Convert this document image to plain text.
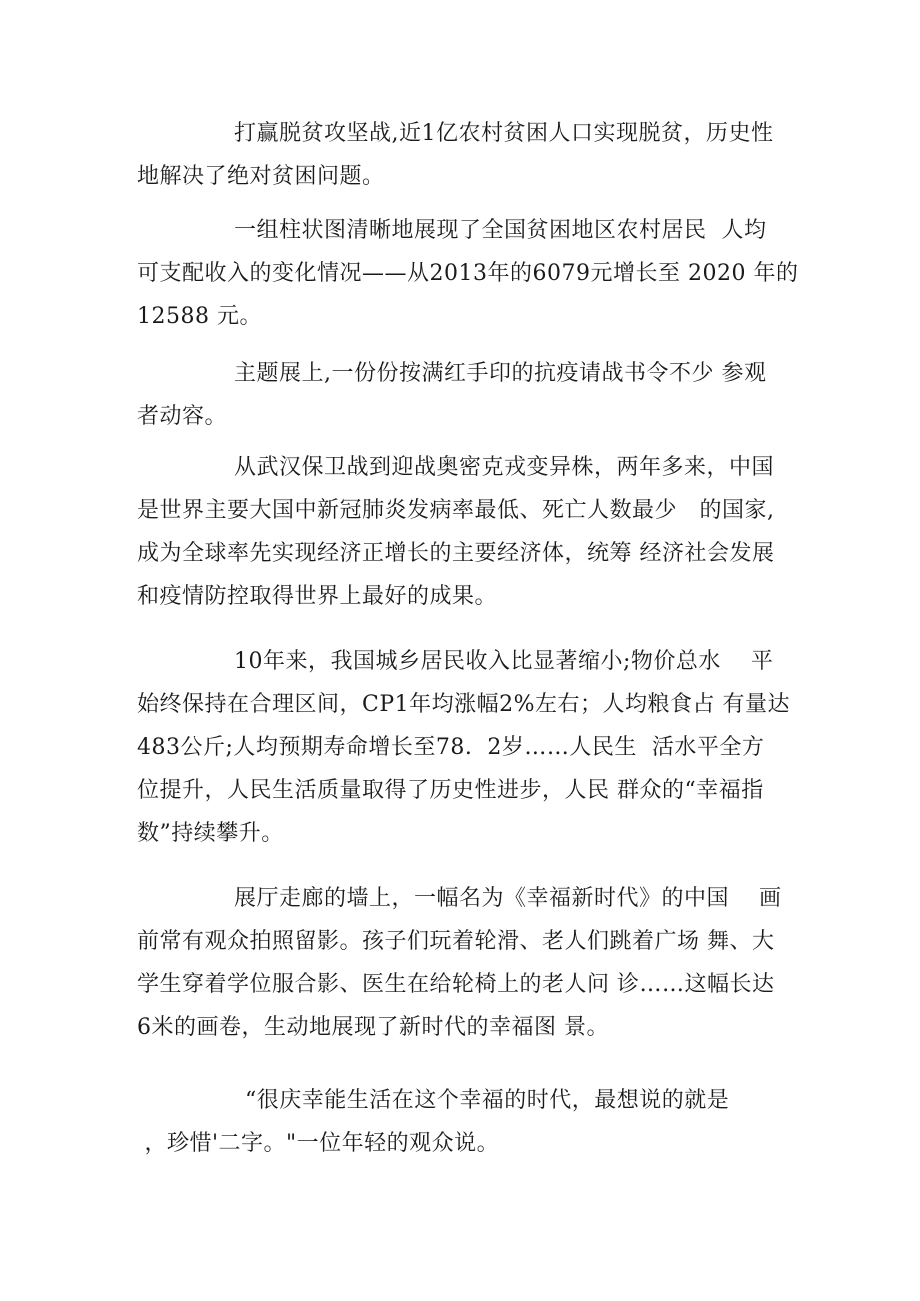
打赢脱贫攻坚战,近1亿农村贫困人口实现脱贫，历史性
地解决了绝对贫困问题。
一组柱状图清晰地展现了全国贫困地区农村居民  人均
可支配收入的变化情况——从2013年的6079元增长至 2020 年的
12588 元。
主题展上,一份份按满红手印的抗疫请战书令不少 参观
者动容。
从武汉保卫战到迎战奥密克戎变异株，两年多来，中国
是世界主要大国中新冠肺炎发病率最低、死亡人数最少   的国家,
成为全球率先实现经济正增长的主要经济体，统筹 经济社会发展
和疫情防控取得世界上最好的成果。
10年来，我国城乡居民收入比显著缩小;物价总水    平
始终保持在合理区间，CP1年均涨幅2%左右；人均粮食占 有量达
483公斤;人均预期寿命增长至78.  2岁……人民生  活水平全方
位提升，人民生活质量取得了历史性进步，人民 群众的“幸福指
数”持续攀升。
展厅走廊的墙上，一幅名为《幸福新时代》的中国    画
前常有观众拍照留影。孩子们玩着轮滑、老人们跳着广场 舞、大
学生穿着学位服合影、医生在给轮椅上的老人问 诊……这幅长达
6米的画卷，生动地展现了新时代的幸福图 景。
“很庆幸能生活在这个幸福的时代，最想说的就是
，珍惜'二字。"一位年轻的观众说。
